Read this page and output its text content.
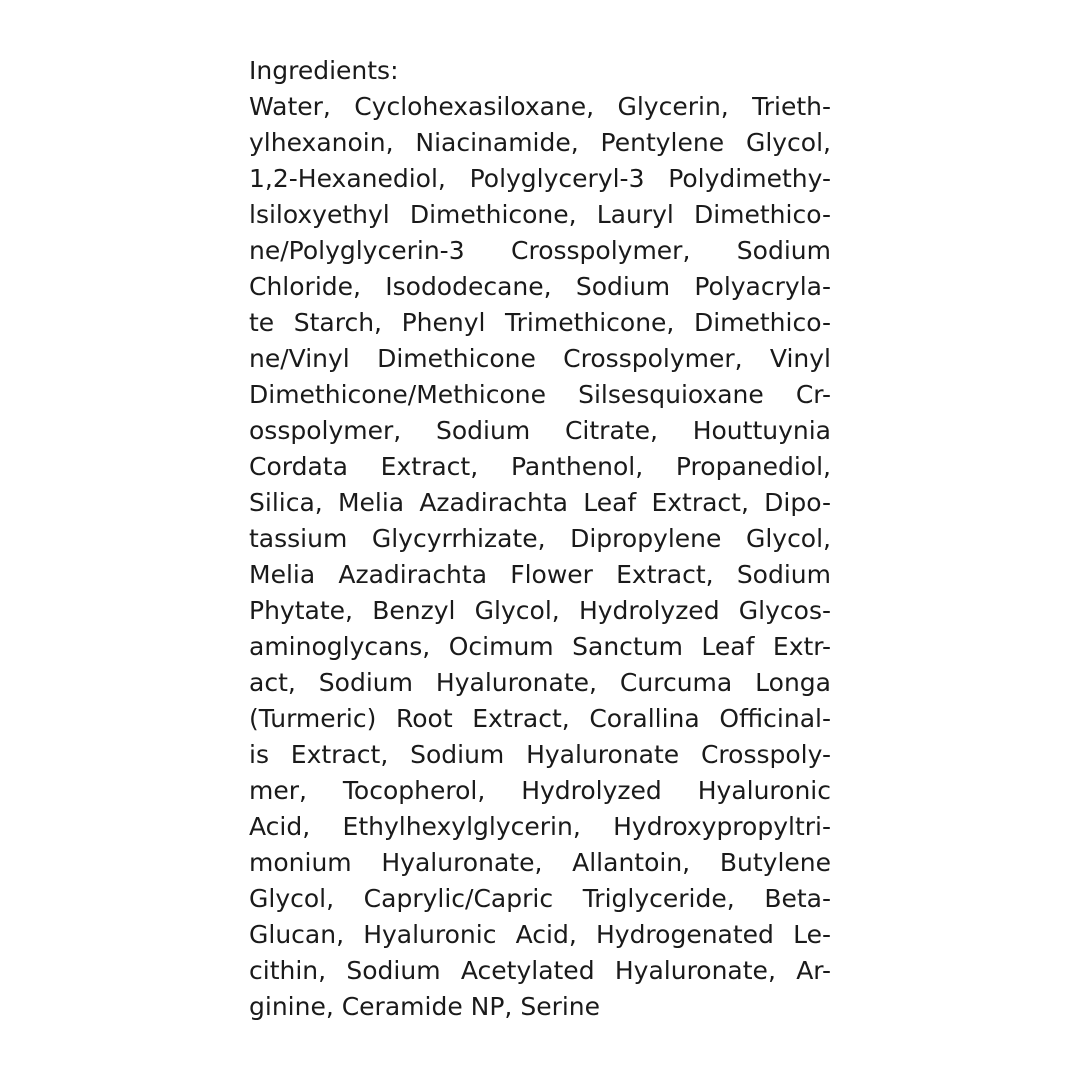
Ingredients:
Water, Cyclohexasiloxane, Glycerin, Trieth-
ylhexanoin, Niacinamide, Pentylene Glycol,
1,2-Hexanediol, Polyglyceryl-3 Polydimethy-
lsiloxyethyl Dimethicone, Lauryl Dimethico-
ne/Polyglycerin-3 Crosspolymer, Sodium
Chloride, Isododecane, Sodium Polyacryla-
te Starch, Phenyl Trimethicone, Dimethico-
ne/Vinyl Dimethicone Crosspolymer, Vinyl
Dimethicone/Methicone Silsesquioxane Cr-
osspolymer, Sodium Citrate, Houttuynia
Cordata Extract, Panthenol, Propanediol,
Silica, Melia Azadirachta Leaf Extract, Dipo-
tassium Glycyrrhizate, Dipropylene Glycol,
Melia Azadirachta Flower Extract, Sodium
Phytate, Benzyl Glycol, Hydrolyzed Glycos-
aminoglycans, Ocimum Sanctum Leaf Extr-
act, Sodium Hyaluronate, Curcuma Longa
(Turmeric) Root Extract, Corallina Officinal-
is Extract, Sodium Hyaluronate Crosspoly-
mer, Tocopherol, Hydrolyzed Hyaluronic
Acid, Ethylhexylglycerin, Hydroxypropyltri-
monium Hyaluronate, Allantoin, Butylene
Glycol, Caprylic/Capric Triglyceride, Beta-
Glucan, Hyaluronic Acid, Hydrogenated Le-
cithin, Sodium Acetylated Hyaluronate, Ar-
ginine, Ceramide NP, Serine
